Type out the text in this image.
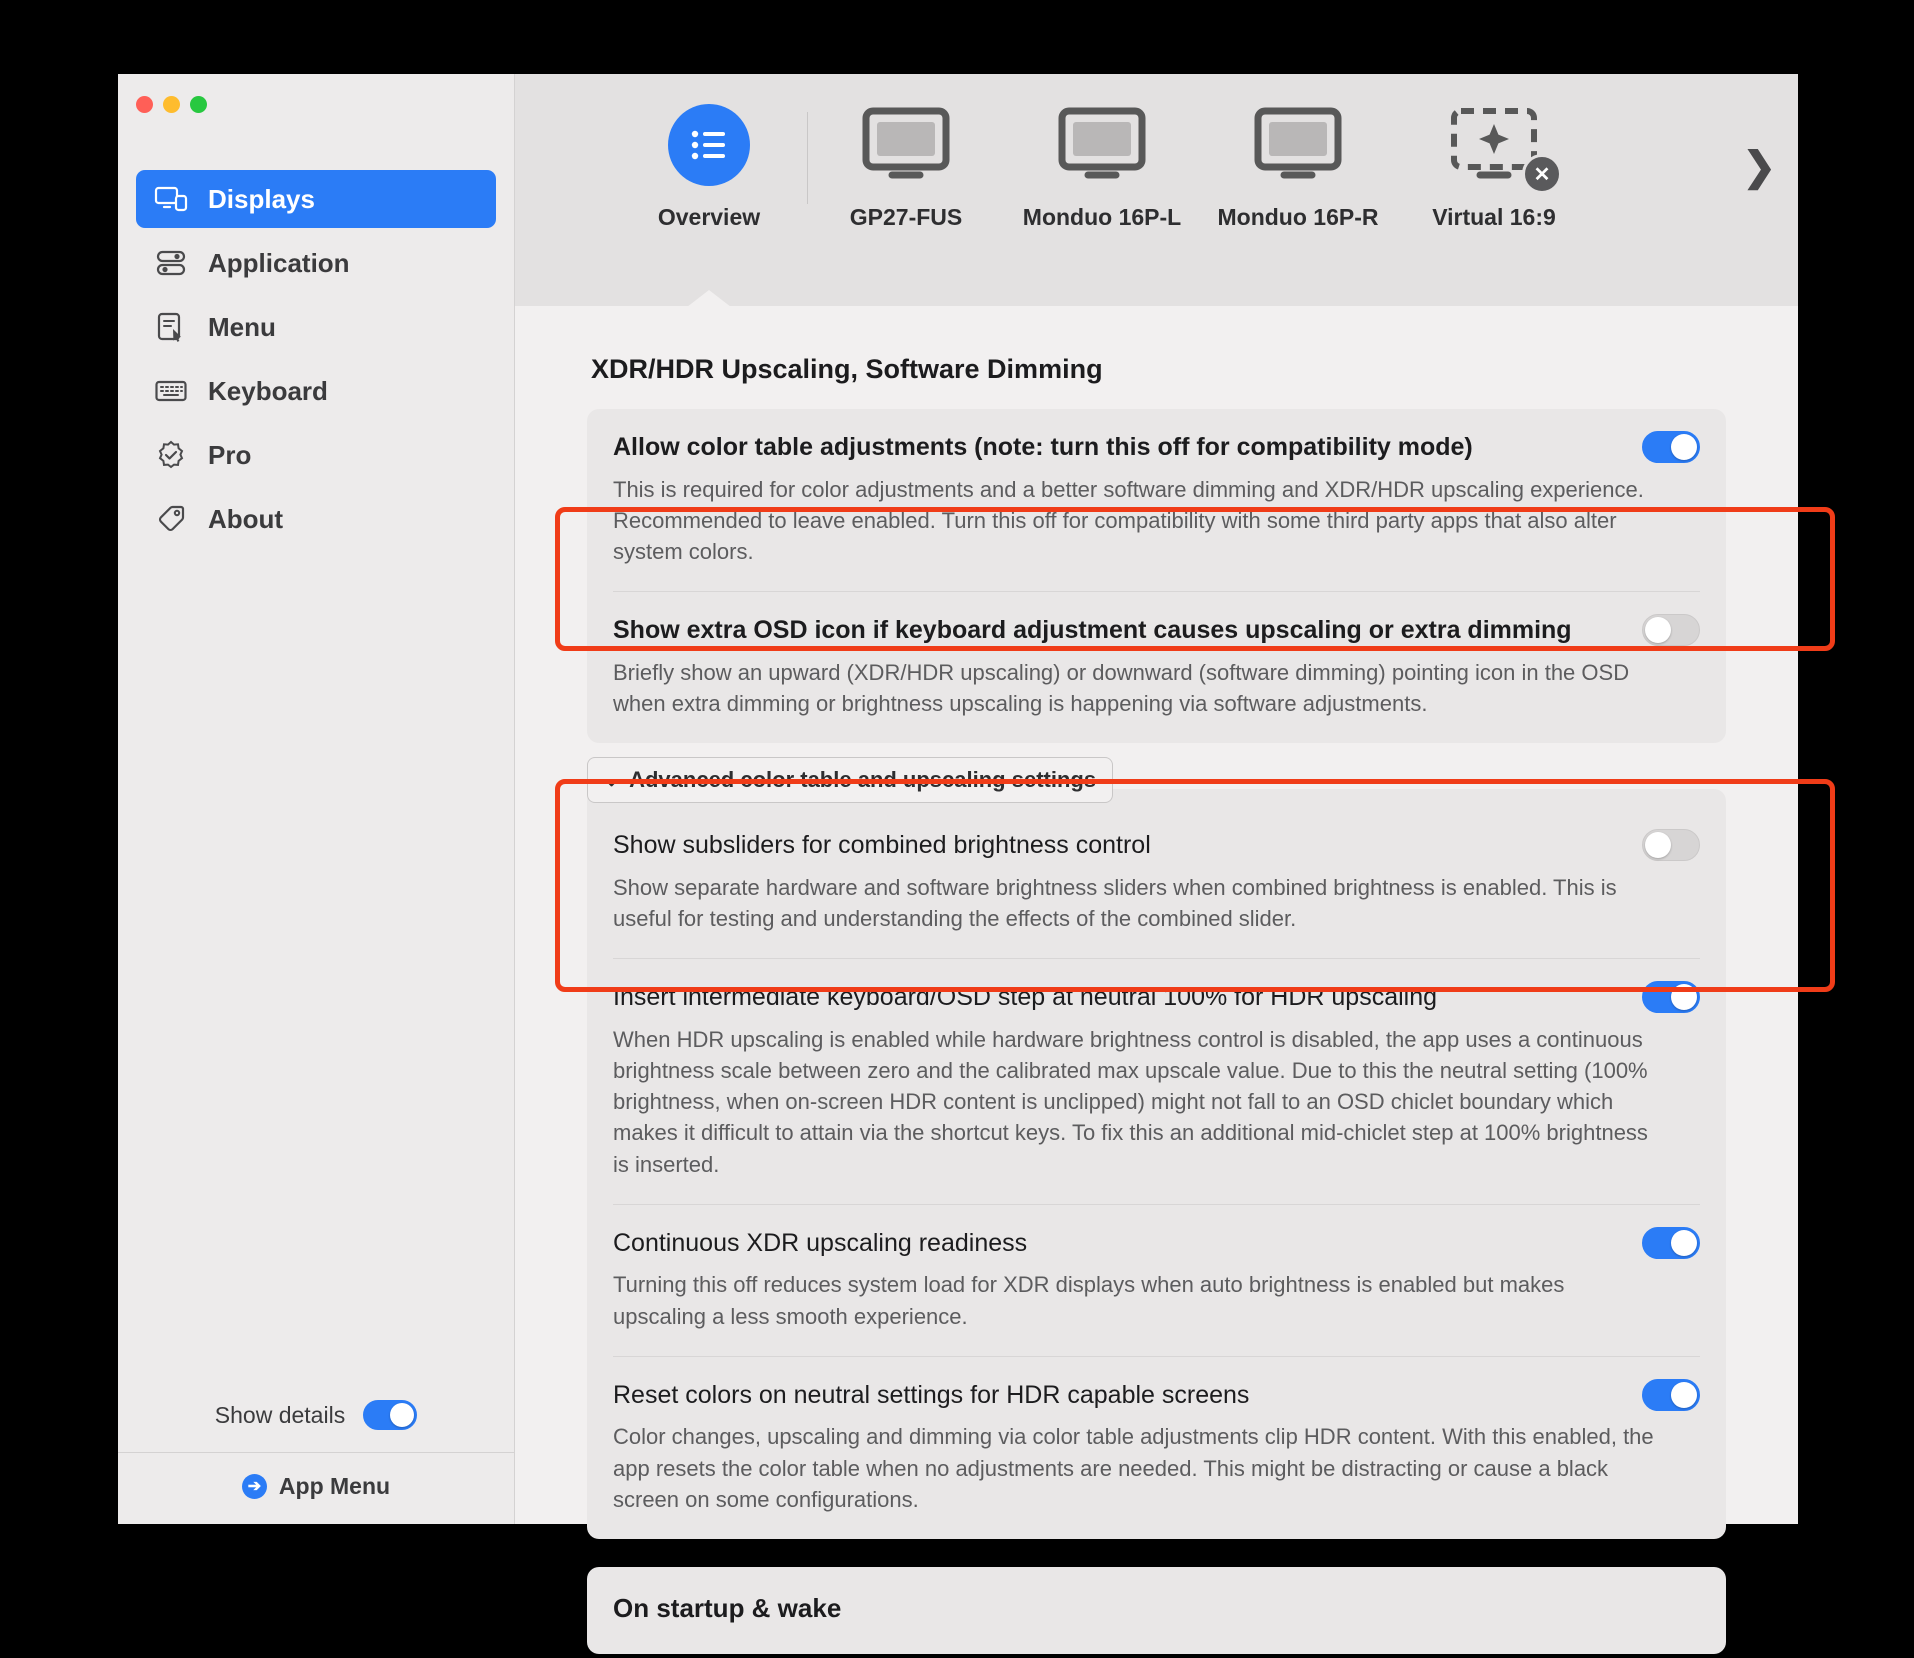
Displays
Application
Menu
Keyboard
Pro
About
Show details
➔ App Menu
Overview	GP27-FUS	Monduo 16P-L Monduo 16P-R Virtual 16:9
✕	❯
XDR/HDR Upscaling, Software Dimming
Allow color table adjustments (note: turn this off for compatibility mode)
This is required for color adjustments and a better software dimming and XDR/HDR upscaling experience. Recommended to leave enabled. Turn this off for compatibility with some third party apps that also alter system colors.
Show extra OSD icon if keyboard adjustment causes upscaling or extra dimming
Briefly show an upward (XDR/HDR upscaling) or downward (software dimming) pointing icon in the OSD when extra dimming or brightness upscaling is happening via software adjustments.
⌄ Advanced color table and upscaling settings
Show subsliders for combined brightness control
Show separate hardware and software brightness sliders when combined brightness is enabled. This is useful for testing and understanding the effects of the combined slider.
Insert intermediate keyboard/OSD step at neutral 100% for HDR upscaling
When HDR upscaling is enabled while hardware brightness control is disabled, the app uses a continuous brightness scale between zero and the calibrated max upscale value. Due to this the neutral setting (100% brightness, when on-screen HDR content is unclipped) might not fall to an OSD chiclet boundary which makes it difficult to attain via the shortcut keys. To fix this an additional mid-chiclet step at 100% brightness is inserted.
Continuous XDR upscaling readiness
Turning this off reduces system load for XDR displays when auto brightness is enabled but makes upscaling a less smooth experience.
Reset colors on neutral settings for HDR capable screens
Color changes, upscaling and dimming via color table adjustments clip HDR content. With this enabled, the app resets the color table when no adjustments are needed. This might be distracting or cause a black screen on some configurations.
On startup & wake
